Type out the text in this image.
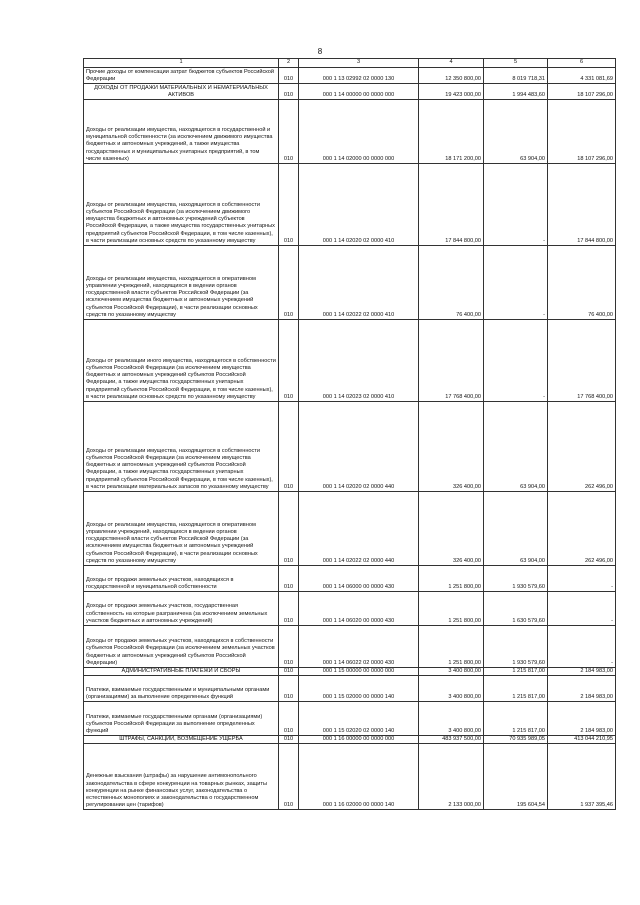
8
1	2	3	4	5	6
Прочие доходы от компенсации затрат бюджетов субъектов Российской Федерации	010	000 1 13 02992 02 0000 130	12 350 800,00	8 019 718,31	4 331 081,69
ДОХОДЫ ОТ ПРОДАЖИ МАТЕРИАЛЬНЫХ И НЕМАТЕРИАЛЬНЫХ АКТИВОВ	010	000 1 14 00000 00 0000 000	19 423 000,00	1 994 483,60	18 107 296,00
Доходы от реализации имущества, находящегося в государственной и муниципальной собственности (за исключением движимого имущества бюджетных и автономных учреждений, а также имущества государственных и муниципальных унитарных предприятий, в том числе казенных)	010	000 1 14 02000 00 0000 000	18 171 200,00	63 904,00	18 107 296,00
Доходы от реализации имущества, находящегося в собственности субъектов Российской Федерации (за исключением движимого имущества бюджетных и автономных учреждений субъектов Российской Федерации, а также имущества государственных унитарных предприятий субъектов Российской Федерации, в том числе казенных), в части реализации основных средств по указанному имуществу	010	000 1 14 02020 02 0000 410	17 844 800,00	-	17 844 800,00
Доходы от реализации имущества, находящегося в оперативном управлении учреждений, находящихся в ведении органов государственной власти субъектов Российской Федерации (за исключением имущества бюджетных и автономных учреждений субъектов Российской Федерации), в части реализации основных средств по указанному имуществу	010	000 1 14 02022 02 0000 410	76 400,00	-	76 400,00
Доходы от реализации иного имущества, находящегося в собственности субъектов Российской Федерации (за исключением имущества бюджетных и автономных учреждений субъектов Российской Федерации, а также имущества государственных унитарных предприятий субъектов Российской Федерации, в том числе казенных), в части реализации основных средств по указанному имуществу	010	000 1 14 02023 02 0000 410	17 768 400,00	-	17 768 400,00
Доходы от реализации имущества, находящегося в собственности субъектов Российской Федерации (за исключением имущества бюджетных и автономных учреждений субъектов Российской Федерации, а также имущества государственных унитарных предприятий субъектов Российской Федерации, в том числе казенных), в части реализации материальных запасов по указанному имуществу	010	000 1 14 02020 02 0000 440	326 400,00	63 904,00	262 496,00
Доходы от реализации имущества, находящегося в оперативном управлении учреждений, находящихся в ведении органов государственной власти субъектов Российской Федерации (за исключением имущества бюджетных и автономных учреждений субъектов Российской Федерации), в части реализации основных средств по указанному имуществу	010	000 1 14 02022 02 0000 440	326 400,00	63 904,00	262 496,00
Доходы от продажи земельных участков, находящихся в государственной и муниципальной собственности	010	000 1 14 06000 00 0000 430	1 251 800,00	1 930 579,60	-
Доходы от продажи земельных участков, государственная собственность на которые разграничена (за исключением земельных участков бюджетных и автономных учреждений)	010	000 1 14 06020 00 0000 430	1 251 800,00	1 630 579,60	-
Доходы от продажи земельных участков, находящихся в собственности субъектов Российской Федерации (за исключением земельных участков бюджетных и автономных учреждений субъектов Российской Федерации)	010	000 1 14 06022 02 0000 430	1 251 800,00	1 930 579,60	-
АДМИНИСТРАТИВНЫЕ ПЛАТЕЖИ И СБОРЫ	010	000 1 15 00000 00 0000 000	3 400 800,00	1 215 817,00	2 184 983,00
Платежи, взимаемые государственными и муниципальными органами (организациями) за выполнение определенных функций	010	000 1 15 02000 00 0000 140	3 400 800,00	1 215 817,00	2 184 983,00
Платежи, взимаемые государственными органами (организациями) субъектов Российской Федерации за выполнение определенных функций	010	000 1 15 02020 02 0000 140	3 400 800,00	1 215 817,00	2 184 983,00
ШТРАФЫ, САНКЦИИ, ВОЗМЕЩЕНИЕ УЩЕРБА	010	000 1 16 00000 00 0000 000	483 937 500,00	70 935 989,05	413 044 210,95
Денежные взыскания (штрафы) за нарушение антимонопольного законодательства в сфере конкуренции на товарных рынках, защиты конкуренции на рынке финансовых услуг, законодательства о естественных монополиях и законодательства о государственном регулировании цен (тарифов)	010	000 1 16 02000 00 0000 140	2 133 000,00	195 604,54	1 937 395,46
